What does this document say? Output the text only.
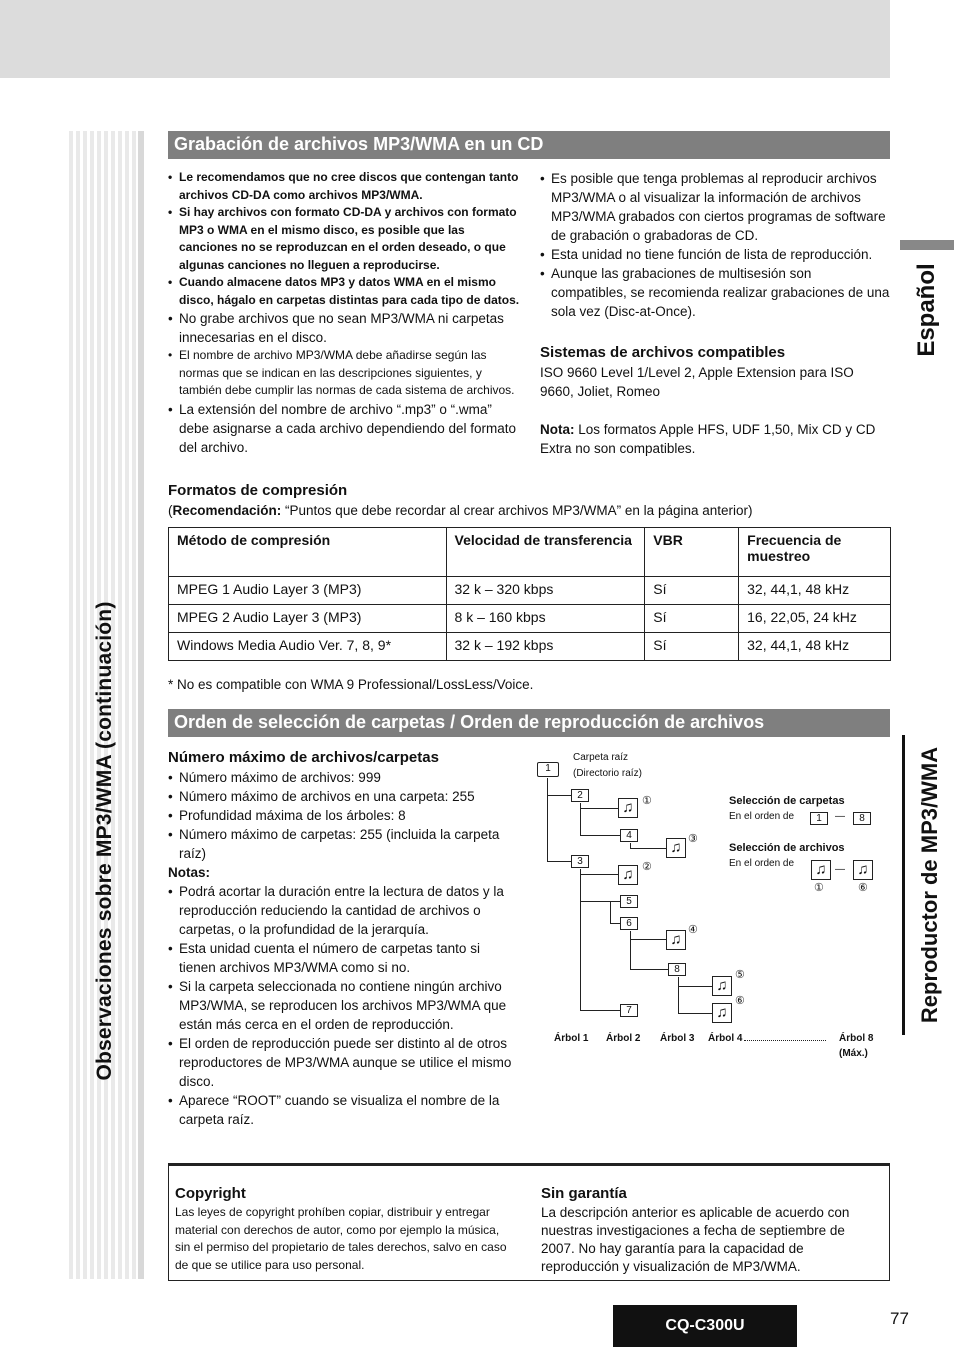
Observaciones sobre MP3/WMA (continuación)
Español
Reproductor de MP3/WMA
Grabación de archivos MP3/WMA en un CD
• Le recomendamos que no cree discos que contengan tanto archivos CD-DA como archivos MP3/WMA.
• Si hay archivos con formato CD-DA y archivos con formato MP3 o WMA en el mismo disco, es posible que las canciones no se reproduzcan en el orden deseado, o que algunas canciones no lleguen a reproducirse.
• Cuando almacene datos MP3 y datos WMA en el mismo disco, hágalo en carpetas distintas para cada tipo de datos.
• No grabe archivos que no sean MP3/WMA ni carpetas innecesarias en el disco.
• El nombre de archivo MP3/WMA debe añadirse según las normas que se indican en las descripciones siguientes, y también debe cumplir las normas de cada sistema de archivos.
• La extensión del nombre de archivo “.mp3” o “.wma” debe asignarse a cada archivo dependiendo del formato del archivo.
• Es posible que tenga problemas al reproducir archivos MP3/WMA o al visualizar la información de archivos MP3/WMA grabados con ciertos programas de software de grabación o grabadoras de CD.
• Esta unidad no tiene función de lista de reproducción.
• Aunque las grabaciones de multisesión son compatibles, se recomienda realizar grabaciones de una sola vez (Disc-at-Once).
Sistemas de archivos compatibles

ISO 9660 Level 1/Level 2, Apple Extension para ISO 9660, Joliet, Romeo

Nota: Los formatos Apple HFS, UDF 1,50, Mix CD y CD Extra no son compatibles.

Formatos de compresión

(Recomendación: “Puntos que debe recordar al crear archivos MP3/WMA” en la página anterior)

Método de compresión	Velocidad de transferencia	VBR	Frecuencia de muestreo
MPEG 1 Audio Layer 3 (MP3)	32 k – 320 kbps	Sí	32, 44,1, 48 kHz
MPEG 2 Audio Layer 3 (MP3)	8 k – 160 kbps	Sí	16, 22,05, 24 kHz
Windows Media Audio Ver. 7, 8, 9*	32 k – 192 kbps	Sí	32, 44,1, 48 kHz
* No es compatible con WMA 9 Professional/LossLess/Voice.
Orden de selección de carpetas / Orden de reproducción de archivos
Número máximo de archivos/carpetas
• Número máximo de archivos: 999
• Número máximo de archivos en una carpeta: 255
• Profundidad máxima de los árboles: 8
• Número máximo de carpetas: 255 (incluida la carpeta raíz)

Notas:

• Podrá acortar la duración entre la lectura de datos y la reproducción reduciendo la cantidad de archivos o carpetas, o la profundidad de la jerarquía.
• Esta unidad cuenta el número de carpetas tanto si tienen archivos MP3/WMA como si no.
• Si la carpeta seleccionada no contiene ningún archivo MP3/WMA, se reproducen los archivos MP3/WMA que están más cerca en el orden de reproducción.
• El orden de reproducción puede ser distinto al de otros reproductores de MP3/WMA aunque se utilice el mismo disco.
• Aparece “ROOT” cuando se visualiza el nombre de la carpeta raíz.
1
Carpeta raíz
(Directorio raíz)
2
3
♫ ①
4
♫ ③
♫ ②
5
7
6
♫
④
8
♫
⑤
♫
⑥
Selección de carpetas
En el orden de	1	—	8
Selección de archivos
En el orden de ♫ — ♫
①	⑥
Árbol 1 Árbol 2 Árbol 3 Árbol 4	Árbol 8
(Máx.)
Copyright

Las leyes de copyright prohíben copiar, distribuir y entregar material con derechos de autor, como por ejemplo la música, sin el permiso del propietario de tales derechos, salvo en caso de que se utilice para uso personal.

Sin garantía

La descripción anterior es aplicable de acuerdo con nuestras investigaciones a fecha de septiembre de 2007. No hay garantía para la capacidad de reproducción y visualización de MP3/WMA.

CQ-C300U	77
